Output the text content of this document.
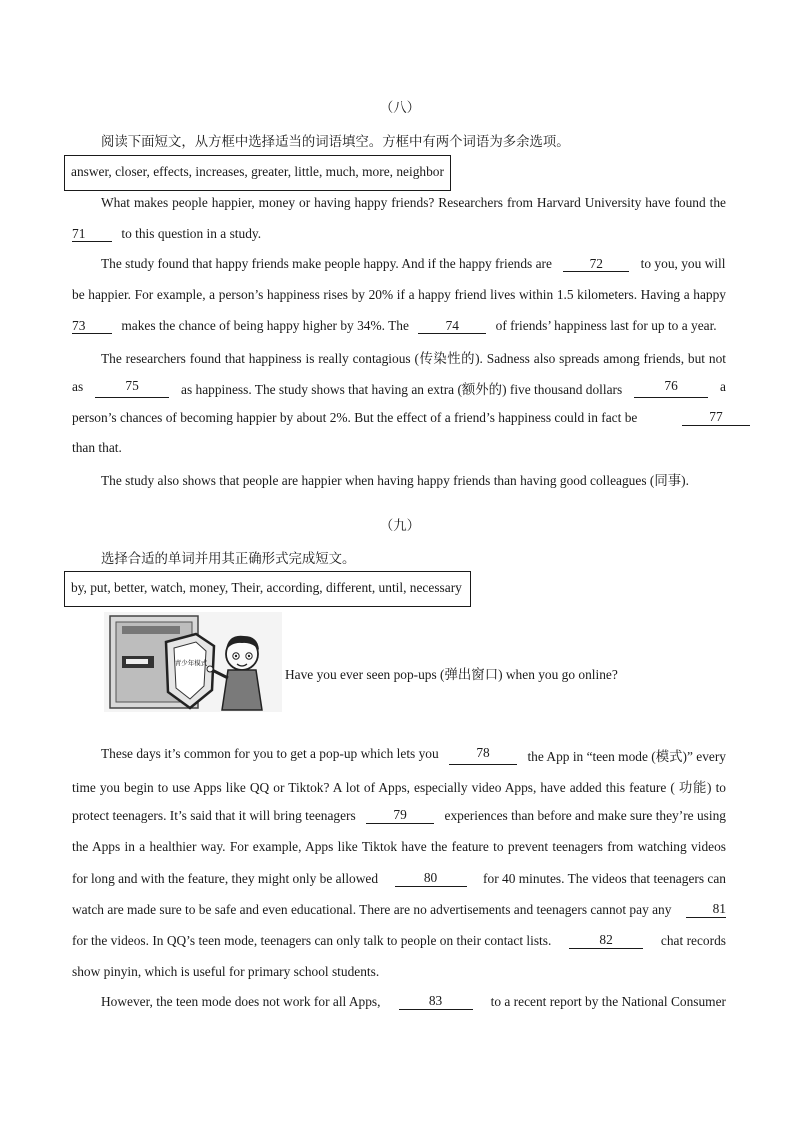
（八）
阅读下面短文，从方框中选择适当的词语填空。方框中有两个词语为多余选项。
answer, closer, effects, increases, greater, little, much, more, neighbor
What makes people happier, money or having happy friends? Researchers from Harvard University have found the
71	to this question in a study.
The study found that happy friends make people happy. And if the happy friends are	72	to you, you will
be happier. For example, a person’s happiness rises by 20% if a happy friend lives within 1.5 kilometers. Having a happy
73	makes the chance of being happy higher by 34%. The	74	of friends’ happiness last for up to a year.
The researchers found that happiness is really contagious (传染性的). Sadness also spreads among friends, but not
as	75	as happiness. The study shows that having an extra (额外的) five thousand dollars	76	a
person’s chances of becoming happier by about 2%. But the effect of a friend’s happiness could in fact be	77
than that.
The study also shows that people are happier when having happy friends than having good colleagues (同事).
（九）
选择合适的单词并用其正确形式完成短文。
by, put, better, watch, money, Their, according, different, until, necessary
青少年模式
Have you ever seen pop-ups (弹出窗口) when you go online?
These days it’s common for you to get a pop-up which lets you	78	the App in “teen mode (模式)” every
time you begin to use Apps like QQ or Tiktok? A lot of Apps, especially video Apps, have added this feature ( 功能) to
protect teenagers. It’s said that it will bring teenagers	79	experiences than before and make sure they’re using
the Apps in a healthier way. For example, Apps like Tiktok have the feature to prevent teenagers from watching videos
for long and with the feature, they might only be allowed	80	for 40 minutes. The videos that teenagers can
watch are made sure to be safe and even educational. There are no advertisements and teenagers cannot pay any	81
for the videos. In QQ’s teen mode, teenagers can only talk to people on their contact lists.	82	chat records
show pinyin, which is useful for primary school students.
However, the teen mode does not work for all Apps,	83	to a recent report by the National Consumer
